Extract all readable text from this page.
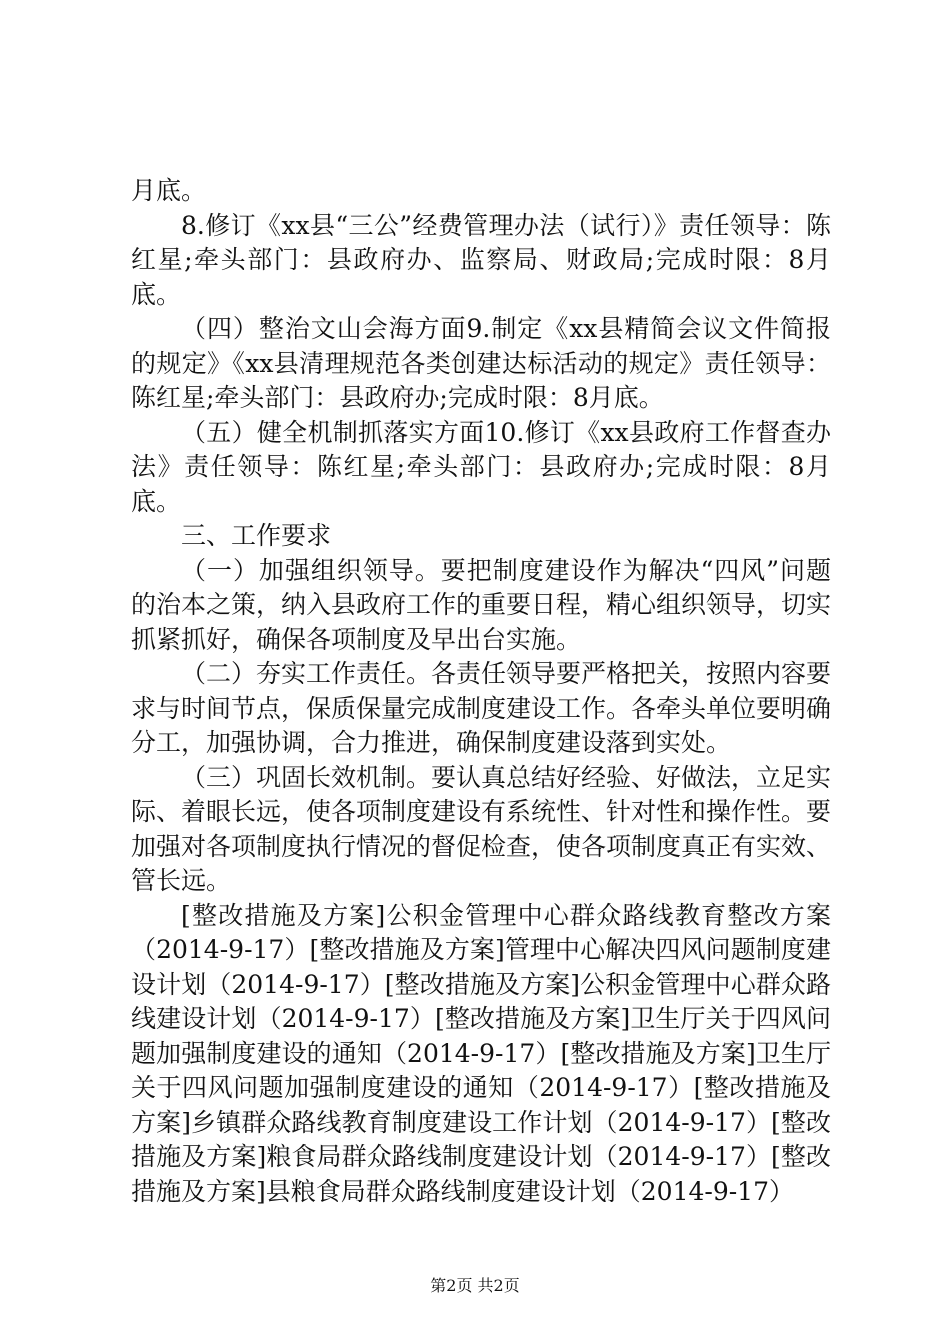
月底。

8.修订《xx县“三公”经费管理办法（试行）》责任领导：陈红星;牵头部门：县政府办、监察局、财政局;完成时限：8月底。

（四）整治文山会海方面9.制定《xx县精简会议文件简报的规定》《xx县清理规范各类创建达标活动的规定》责任领导：陈红星;牵头部门：县政府办;完成时限：8月底。

（五）健全机制抓落实方面10.修订《xx县政府工作督查办法》责任领导：陈红星;牵头部门：县政府办;完成时限：8月底。

三、工作要求

（一）加强组织领导。要把制度建设作为解决“四风”问题的治本之策，纳入县政府工作的重要日程，精心组织领导，切实抓紧抓好，确保各项制度及早出台实施。

（二）夯实工作责任。各责任领导要严格把关，按照内容要求与时间节点，保质保量完成制度建设工作。各牵头单位要明确分工，加强协调，合力推进，确保制度建设落到实处。

（三）巩固长效机制。要认真总结好经验、好做法，立足实际、着眼长远，使各项制度建设有系统性、针对性和操作性。要加强对各项制度执行情况的督促检查，使各项制度真正有实效、管长远。

[整改措施及方案]公积金管理中心群众路线教育整改方案（2014-9-17）[整改措施及方案]管理中心解决四风问题制度建设计划（2014-9-17）[整改措施及方案]公积金管理中心群众路线建设计划（2014-9-17）[整改措施及方案]卫生厅关于四风问题加强制度建设的通知（2014-9-17）[整改措施及方案]卫生厅关于四风问题加强制度建设的通知（2014-9-17）[整改措施及方案]乡镇群众路线教育制度建设工作计划（2014-9-17）[整改措施及方案]粮食局群众路线制度建设计划（2014-9-17）[整改措施及方案]县粮食局群众路线制度建设计划（2014-9-17）

第2页 共2页
